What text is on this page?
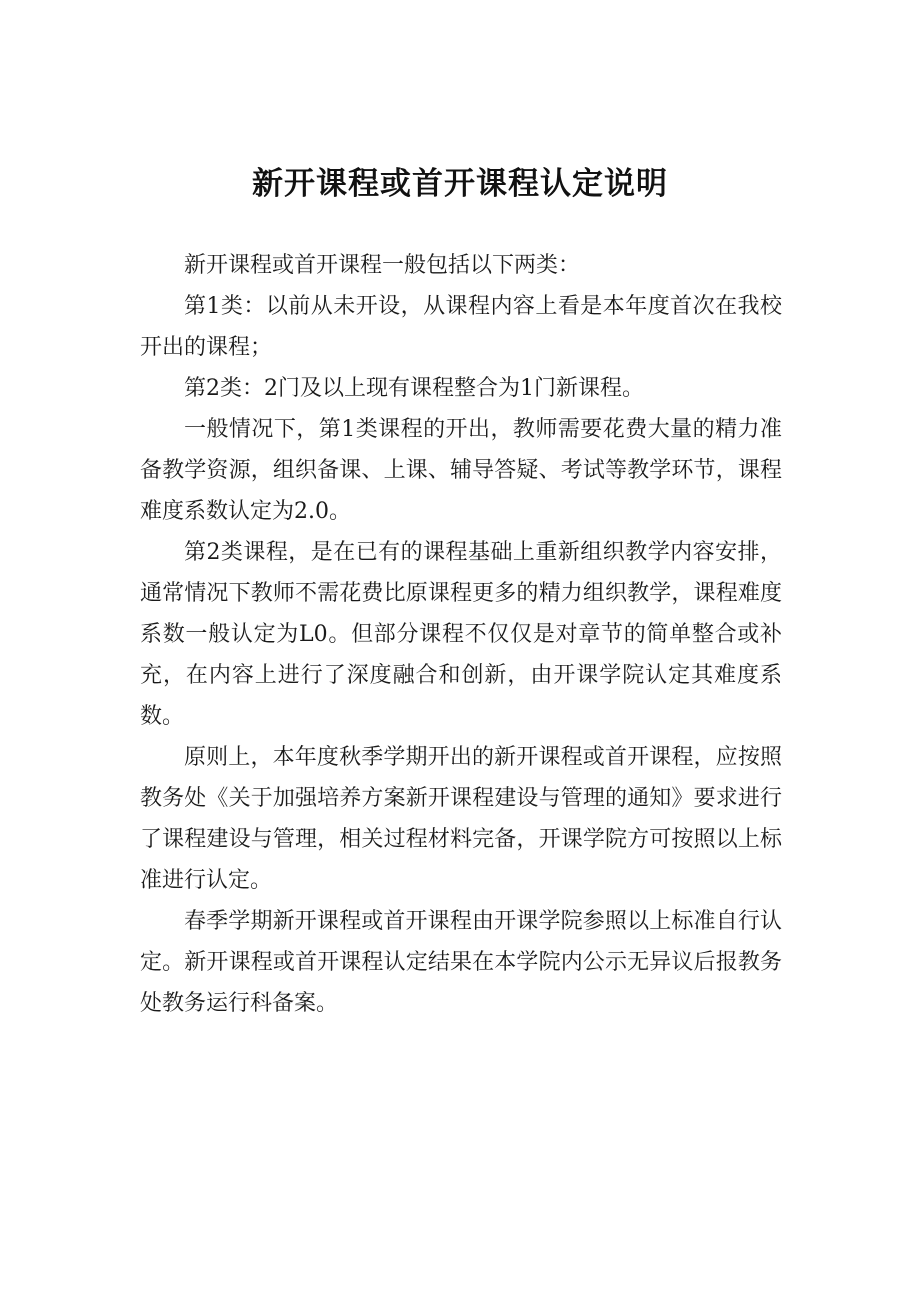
新开课程或首开课程认定说明

新开课程或首开课程一般包括以下两类：

第1类：以前从未开设，从课程内容上看是本年度首次在我校开出的课程；

第2类：2门及以上现有课程整合为1门新课程。

一般情况下，第1类课程的开出，教师需要花费大量的精力准备教学资源，组织备课、上课、辅导答疑、考试等教学环节，课程难度系数认定为2.0。

第2类课程，是在已有的课程基础上重新组织教学内容安排，通常情况下教师不需花费比原课程更多的精力组织教学，课程难度系数一般认定为L0。但部分课程不仅仅是对章节的简单整合或补充，在内容上进行了深度融合和创新，由开课学院认定其难度系数。

原则上，本年度秋季学期开出的新开课程或首开课程，应按照教务处《关于加强培养方案新开课程建设与管理的通知》要求进行了课程建设与管理，相关过程材料完备，开课学院方可按照以上标准进行认定。

春季学期新开课程或首开课程由开课学院参照以上标准自行认定。新开课程或首开课程认定结果在本学院内公示无异议后报教务处教务运行科备案。
